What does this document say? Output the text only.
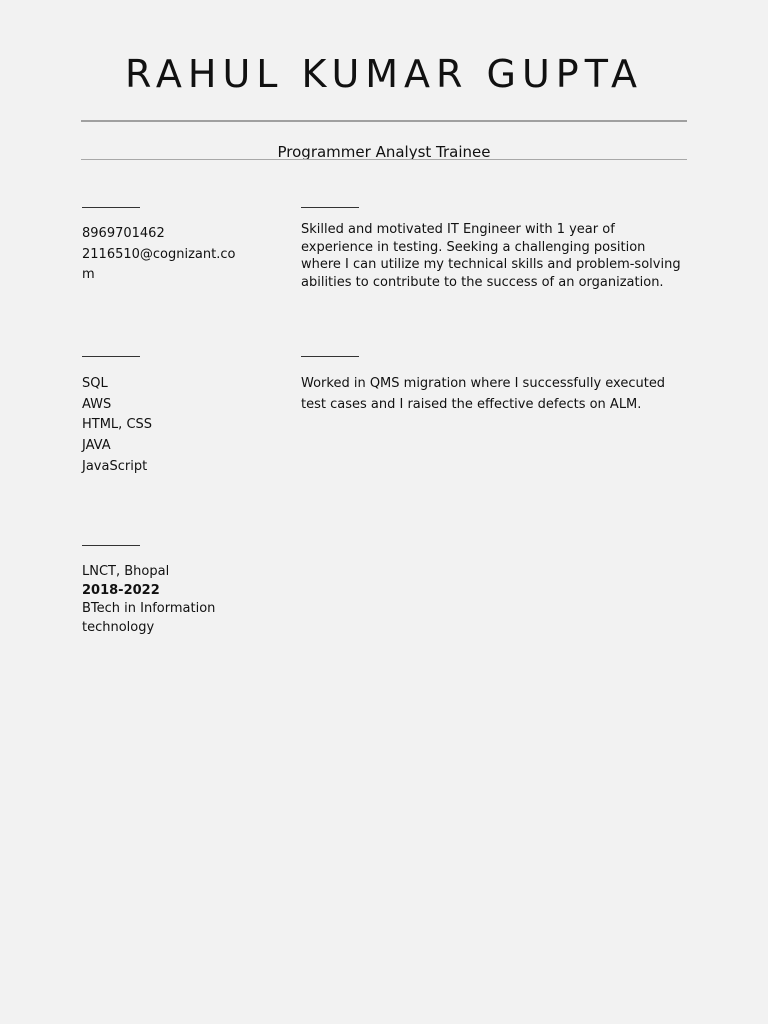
RAHUL KUMAR GUPTA
Programmer Analyst Trainee
8969701462
2116510@cognizant.co
m
Skilled and motivated IT Engineer with 1 year of experience in testing. Seeking a challenging position where I can utilize my technical skills and problem-solving abilities to contribute to the success of an organization.
SQL
AWS
HTML, CSS
JAVA
JavaScript
Worked in QMS migration where I successfully executed test cases and I raised the effective defects on ALM.
LNCT, Bhopal
2018-2022
BTech in Information technology
